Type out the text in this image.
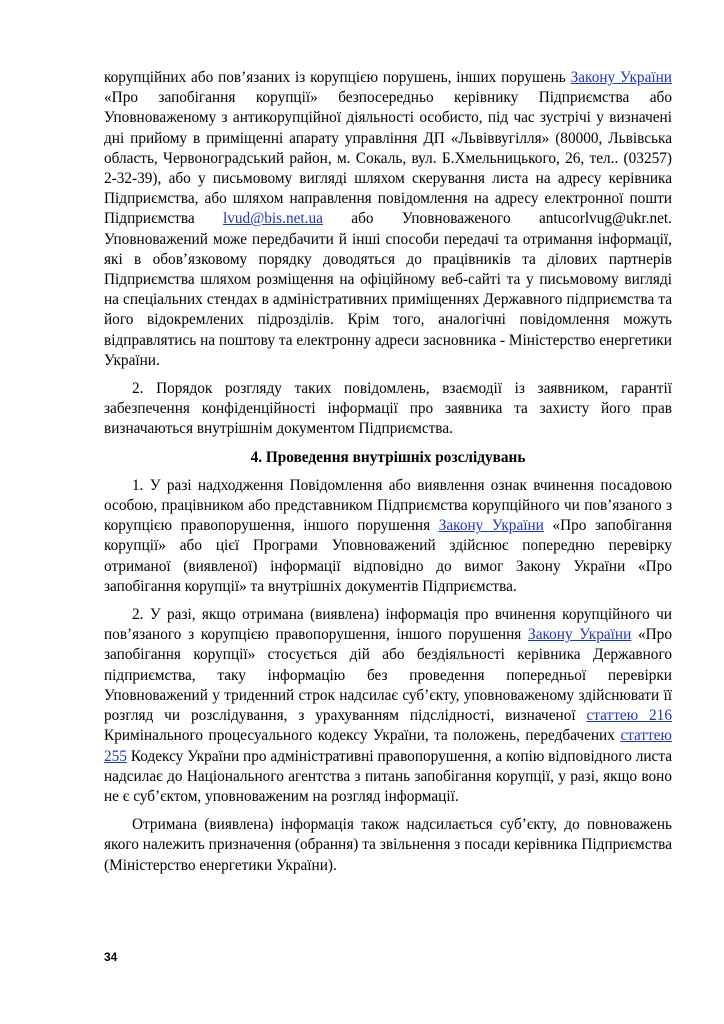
корупційних або пов’язаних із корупцією порушень, інших порушень Закону України «Про запобігання корупції» безпосередньо керівнику Підприємства або Уповноваженому з антикорупційної діяльності особисто, під час зустрічі у визначені дні прийому в приміщенні апарату управління ДП «Львіввугілля» (80000, Львівська область, Червоноградський район, м. Сокаль, вул. Б.Хмельницького, 26, тел.. (03257) 2-32-39), або у письмовому вигляді шляхом скерування листа на адресу керівника Підприємства, або шляхом направлення повідомлення на адресу електронної пошти Підприємства lvud@bis.net.ua або Уповноваженого antucorlvug@ukr.net. Уповноважений може передбачити й інші способи передачі та отримання інформації, які в обов’язковому порядку доводяться до працівників та ділових партнерів Підприємства шляхом розміщення на офіційному веб-сайті та у письмовому вигляді на спеціальних стендах в адміністративних приміщеннях Державного підприємства та його відокремлених підрозділів. Крім того, аналогічні повідомлення можуть відправлятись на поштову та електронну адреси засновника - Міністерство енергетики України.

2. Порядок розгляду таких повідомлень, взаємодії із заявником, гарантії забезпечення конфіденційності інформації про заявника та захисту його прав визначаються внутрішнім документом Підприємства.

4. Проведення внутрішніх розслідувань

1. У разі надходження Повідомлення або виявлення ознак вчинення посадовою особою, працівником або представником Підприємства корупційного чи пов’язаного з корупцією правопорушення, іншого порушення Закону України «Про запобігання корупції» або цієї Програми Уповноважений здійснює попередню перевірку отриманої (виявленої) інформації відповідно до вимог Закону України «Про запобігання корупції» та внутрішніх документів Підприємства.

2. У разі, якщо отримана (виявлена) інформація про вчинення корупційного чи пов’язаного з корупцією правопорушення, іншого порушення Закону України «Про запобігання корупції» стосується дій або бездіяльності керівника Державного підприємства, таку інформацію без проведення попередньої перевірки Уповноважений у триденний строк надсилає суб’єкту, уповноваженому здійснювати її розгляд чи розслідування, з урахуванням підслідності, визначеної статтею 216 Кримінального процесуального кодексу України, та положень, передбачених статтею 255 Кодексу України про адміністративні правопорушення, а копію відповідного листа надсилає до Національного агентства з питань запобігання корупції, у разі, якщо воно не є суб’єктом, уповноваженим на розгляд інформації.

Отримана (виявлена) інформація також надсилається суб’єкту, до повноважень якого належить призначення (обрання) та звільнення з посади керівника Підприємства (Міністерство енергетики України).

34
